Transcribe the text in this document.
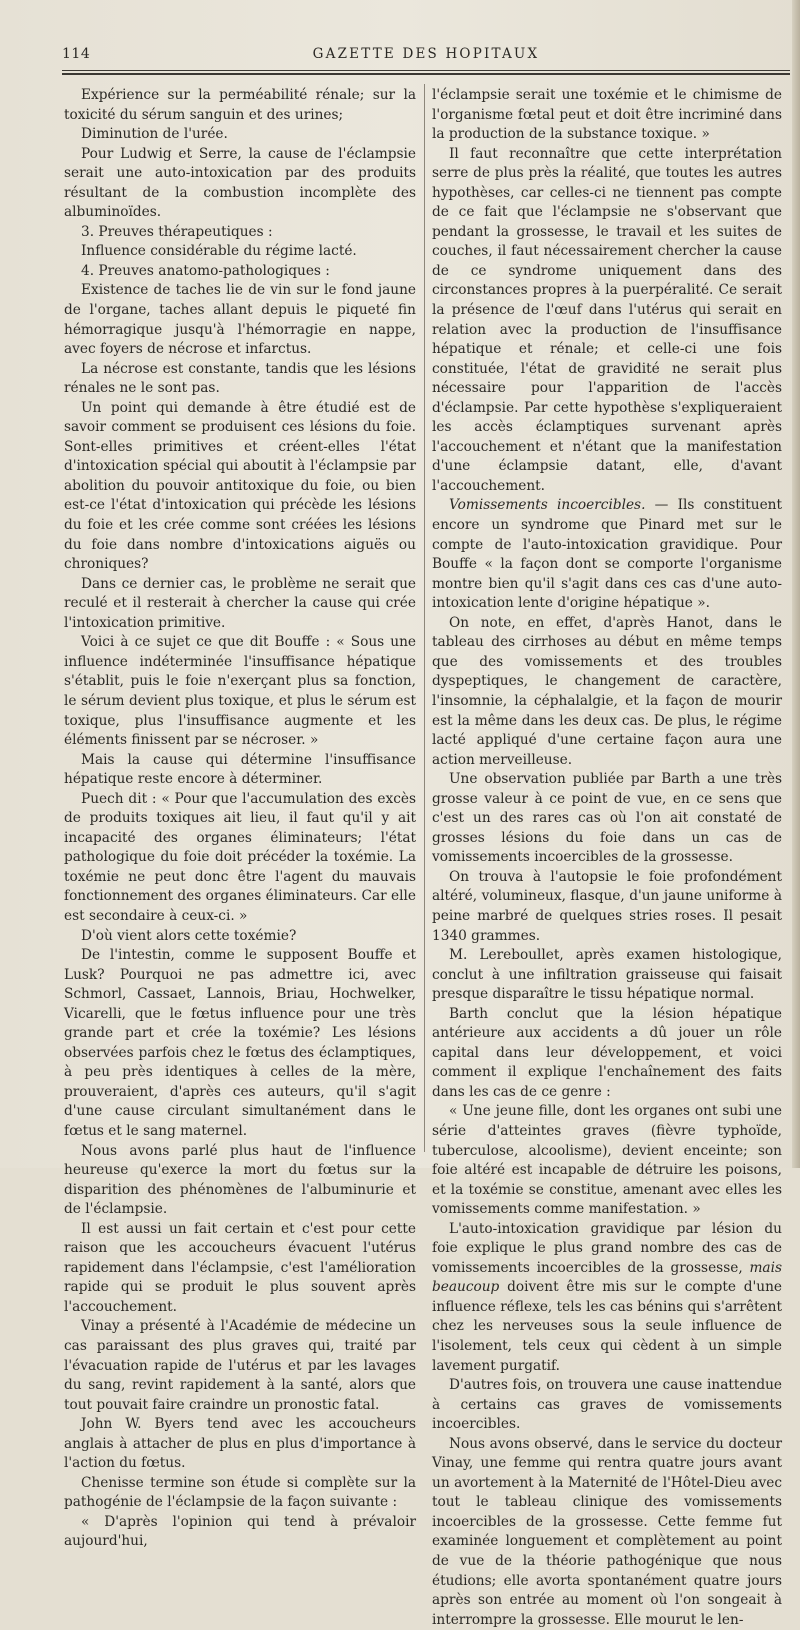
114	GAZETTE DES HOPITAUX

Expérience sur la perméabilité rénale; sur la toxicité du sérum sanguin et des urines;

Diminution de l'urée.

Pour Ludwig et Serre, la cause de l'éclampsie serait une auto-intoxication par des produits résultant de la combustion incomplète des albuminoïdes.

3. Preuves thérapeutiques :

Influence considérable du régime lacté.

4. Preuves anatomo-pathologiques :

Existence de taches lie de vin sur le fond jaune de l'organe, taches allant depuis le piqueté fin hémorragique jusqu'à l'hémorragie en nappe, avec foyers de nécrose et infarctus.

La nécrose est constante, tandis que les lésions rénales ne le sont pas.

Un point qui demande à être étudié est de savoir comment se produisent ces lésions du foie. Sont-elles primitives et créent-elles l'état d'intoxication spécial qui aboutit à l'éclampsie par abolition du pouvoir antitoxique du foie, ou bien est-ce l'état d'intoxication qui précède les lésions du foie et les crée comme sont créées les lésions du foie dans nombre d'intoxications aiguës ou chroniques?

Dans ce dernier cas, le problème ne serait que reculé et il resterait à chercher la cause qui crée l'intoxication primitive.

Voici à ce sujet ce que dit Bouffe : « Sous une influence indéterminée l'insuffisance hépatique s'établit, puis le foie n'exerçant plus sa fonction, le sérum devient plus toxique, et plus le sérum est toxique, plus l'insuffisance augmente et les éléments finissent par se nécroser. »

Mais la cause qui détermine l'insuffisance hépatique reste encore à déterminer.

Puech dit : « Pour que l'accumulation des excès de produits toxiques ait lieu, il faut qu'il y ait incapacité des organes éliminateurs; l'état pathologique du foie doit précéder la toxémie. La toxémie ne peut donc être l'agent du mauvais fonctionnement des organes éliminateurs. Car elle est secondaire à ceux-ci. »

D'où vient alors cette toxémie?

De l'intestin, comme le supposent Bouffe et Lusk? Pourquoi ne pas admettre ici, avec Schmorl, Cassaet, Lannois, Briau, Hochwelker, Vicarelli, que le fœtus influence pour une très grande part et crée la toxémie? Les lésions observées parfois chez le fœtus des éclamptiques, à peu près identiques à celles de la mère, prouveraient, d'après ces auteurs, qu'il s'agit d'une cause circulant simultanément dans le fœtus et le sang maternel.

Nous avons parlé plus haut de l'influence heureuse qu'exerce la mort du fœtus sur la disparition des phénomènes de l'albuminurie et de l'éclampsie.

Il est aussi un fait certain et c'est pour cette raison que les accoucheurs évacuent l'utérus rapidement dans l'éclampsie, c'est l'amélioration rapide qui se produit le plus souvent après l'accouchement.

Vinay a présenté à l'Académie de médecine un cas paraissant des plus graves qui, traité par l'évacuation rapide de l'utérus et par les lavages du sang, revint rapidement à la santé, alors que tout pouvait faire craindre un pronostic fatal.

John W. Byers tend avec les accoucheurs anglais à attacher de plus en plus d'importance à l'action du fœtus.

Chenisse termine son étude si complète sur la pathogénie de l'éclampsie de la façon suivante :

« D'après l'opinion qui tend à prévaloir aujourd'hui,

l'éclampsie serait une toxémie et le chimisme de l'organisme fœtal peut et doit être incriminé dans la production de la substance toxique. »

Il faut reconnaître que cette interprétation serre de plus près la réalité, que toutes les autres hypothèses, car celles-ci ne tiennent pas compte de ce fait que l'éclampsie ne s'observant que pendant la grossesse, le travail et les suites de couches, il faut nécessairement chercher la cause de ce syndrome uniquement dans des circonstances propres à la puerpéralité. Ce serait la présence de l'œuf dans l'utérus qui serait en relation avec la production de l'insuffisance hépatique et rénale; et celle-ci une fois constituée, l'état de gravidité ne serait plus nécessaire pour l'apparition de l'accès d'éclampsie. Par cette hypothèse s'expliqueraient les accès éclamptiques survenant après l'accouchement et n'étant que la manifestation d'une éclampsie datant, elle, d'avant l'accouchement.

Vomissements incoercibles. — Ils constituent encore un syndrome que Pinard met sur le compte de l'auto-intoxication gravidique. Pour Bouffe « la façon dont se comporte l'organisme montre bien qu'il s'agit dans ces cas d'une auto-intoxication lente d'origine hépatique ».

On note, en effet, d'après Hanot, dans le tableau des cirrhoses au début en même temps que des vomissements et des troubles dyspeptiques, le changement de caractère, l'insomnie, la céphalalgie, et la façon de mourir est la même dans les deux cas. De plus, le régime lacté appliqué d'une certaine façon aura une action merveilleuse.

Une observation publiée par Barth a une très grosse valeur à ce point de vue, en ce sens que c'est un des rares cas où l'on ait constaté de grosses lésions du foie dans un cas de vomissements incoercibles de la grossesse.

On trouva à l'autopsie le foie profondément altéré, volumineux, flasque, d'un jaune uniforme à peine marbré de quelques stries roses. Il pesait 1340 grammes.

M. Lereboullet, après examen histologique, conclut à une infiltration graisseuse qui faisait presque disparaître le tissu hépatique normal.

Barth conclut que la lésion hépatique antérieure aux accidents a dû jouer un rôle capital dans leur développement, et voici comment il explique l'enchaînement des faits dans les cas de ce genre :

« Une jeune fille, dont les organes ont subi une série d'atteintes graves (fièvre typhoïde, tuberculose, alcoolisme), devient enceinte; son foie altéré est incapable de détruire les poisons, et la toxémie se constitue, amenant avec elles les vomissements comme manifestation. »

L'auto-intoxication gravidique par lésion du foie explique le plus grand nombre des cas de vomissements incoercibles de la grossesse, mais beaucoup doivent être mis sur le compte d'une influence réflexe, tels les cas bénins qui s'arrêtent chez les nerveuses sous la seule influence de l'isolement, tels ceux qui cèdent à un simple lavement purgatif.

D'autres fois, on trouvera une cause inattendue à certains cas graves de vomissements incoercibles.

Nous avons observé, dans le service du docteur Vinay, une femme qui rentra quatre jours avant un avortement à la Maternité de l'Hôtel-Dieu avec tout le tableau clinique des vomissements incoercibles de la grossesse. Cette femme fut examinée longuement et complètement au point de vue de la théorie pathogénique que nous étudions; elle avorta spontanément quatre jours après son entrée au moment où l'on songeait à interrompre la grossesse. Elle mourut le len-
